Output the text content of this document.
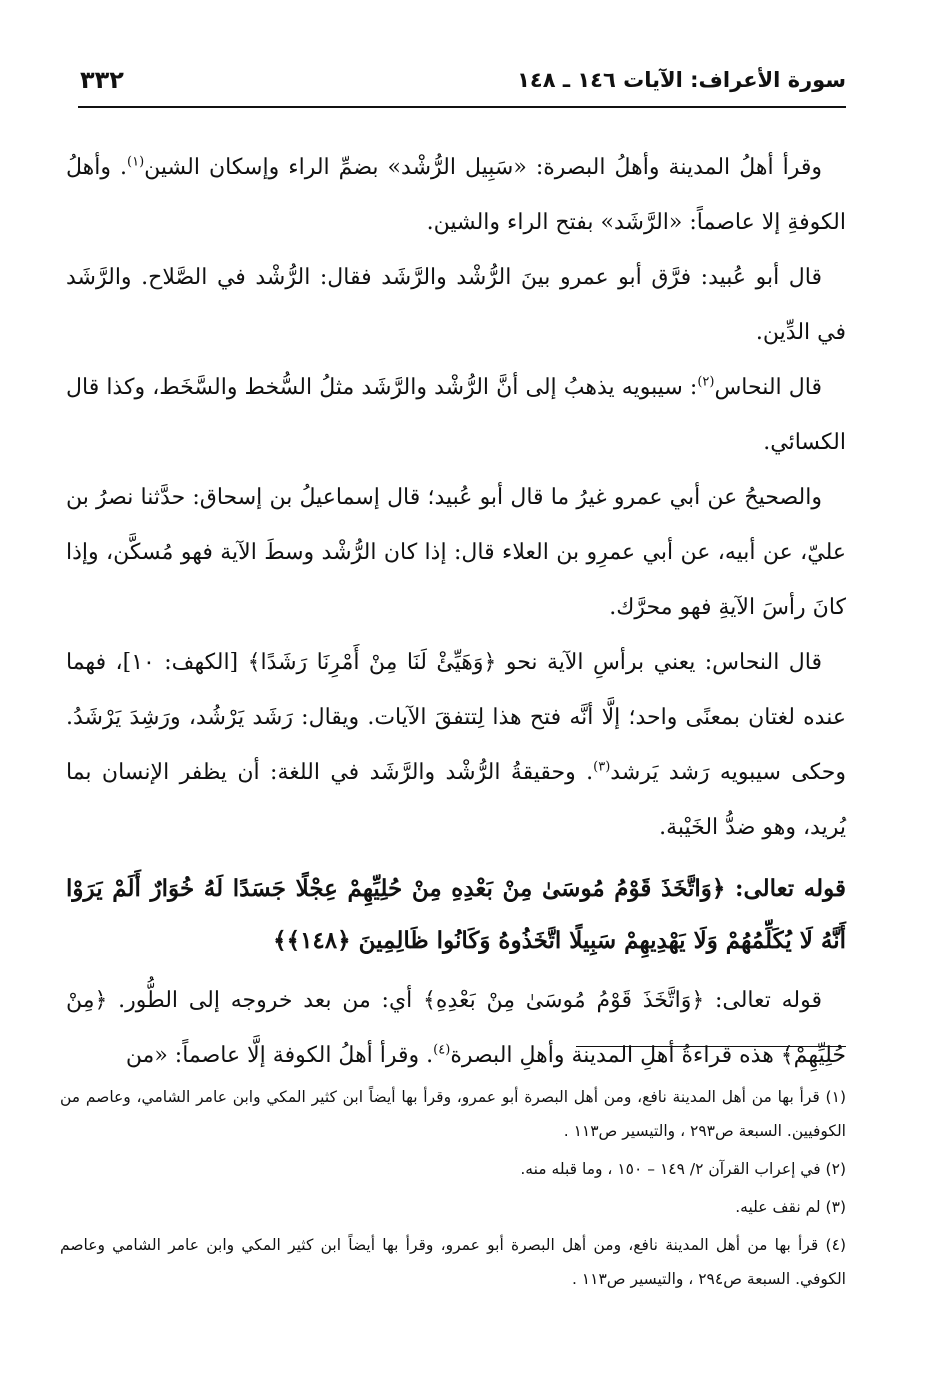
سورة الأعراف: الآيات ١٤٦ ـ ١٤٨
٣٣٢

وقرأ أهلُ المدينة وأهلُ البصرة: «سَبِيل الرُّشْد» بضمِّ الراء وإسكان الشين$^{(١)}$. وأهلُ الكوفةِ إلا عاصماً: «الرَّشَد» بفتح الراء والشين.

قال أبو عُبيد: فرَّق أبو عمرو بينَ الرُّشْد والرَّشَد فقال: الرُّشْد في الصَّلاح. والرَّشَد في الدِّين.

قال النحاس$^{(٢)}$: سيبويه يذهبُ إلى أنَّ الرُّشْد والرَّشَد مثلُ السُّخط والسَّخَط، وكذا قال الكسائي.

والصحيحُ عن أبي عمرو غيرُ ما قال أبو عُبيد؛ قال إسماعيلُ بن إسحاق: حدَّثنا نصرُ بن عليّ، عن أبيه، عن أبي عمرِو بن العلاء قال: إذا كان الرُّشْد وسطَ الآية فهو مُسكَّن، وإذا كانَ رأسَ الآيةِ فهو محرَّك.

قال النحاس: يعني برأسِ الآية نحو ﴿وَهَيِّئْ لَنَا مِنْ أَمْرِنَا رَشَدًا﴾ [الكهف: ١٠]، فهما عنده لغتان بمعنًى واحد؛ إلَّا أنَّه فتح هذا لِتتفقَ الآيات. ويقال: رَشَد يَرْشُد، ورَشِدَ يَرْشَدُ. وحكى سيبويه رَشد يَرشد$^{(٣)}$. وحقيقةُ الرُّشْد والرَّشَد في اللغة: أن يظفر الإنسان بما يُريد، وهو ضدُّ الخَيْبة.

قوله تعالى: ﴿وَاتَّخَذَ قَوْمُ مُوسَىٰ مِنْ بَعْدِهِ مِنْ حُلِيِّهِمْ عِجْلًا جَسَدًا لَهُ خُوَارٌ أَلَمْ يَرَوْا أَنَّهُ لَا يُكَلِّمُهُمْ وَلَا يَهْدِيهِمْ سَبِيلًا اتَّخَذُوهُ وَكَانُوا ظَالِمِينَ ﴿١٤٨﴾﴾

قوله تعالى: ﴿وَاتَّخَذَ قَوْمُ مُوسَىٰ مِنْ بَعْدِهِ﴾ أي: من بعد خروجه إلى الطُّور. ﴿مِنْ حُلِيِّهِمْ﴾ هذه قراءةُ أهلِ المدينة وأهلِ البصرة$^{(٤)}$. وقرأ أهلُ الكوفة إلَّا عاصماً: «من

(١) قرأ بها من أهل المدينة نافع، ومن أهل البصرة أبو عمرو، وقرأ بها أيضاً ابن كثير المكي وابن عامر الشامي، وعاصم من الكوفيين. السبعة ص٢٩٣ ، والتيسير ص١١٣ .

(٢) في إعراب القرآن ٢/ ١٤٩ – ١٥٠ ، وما قبله منه.

(٣) لم نقف عليه.

(٤) قرأ بها من أهل المدينة نافع، ومن أهل البصرة أبو عمرو، وقرأ بها أيضاً ابن كثير المكي وابن عامر الشامي وعاصم الكوفي. السبعة ص٢٩٤ ، والتيسير ص١١٣ .
